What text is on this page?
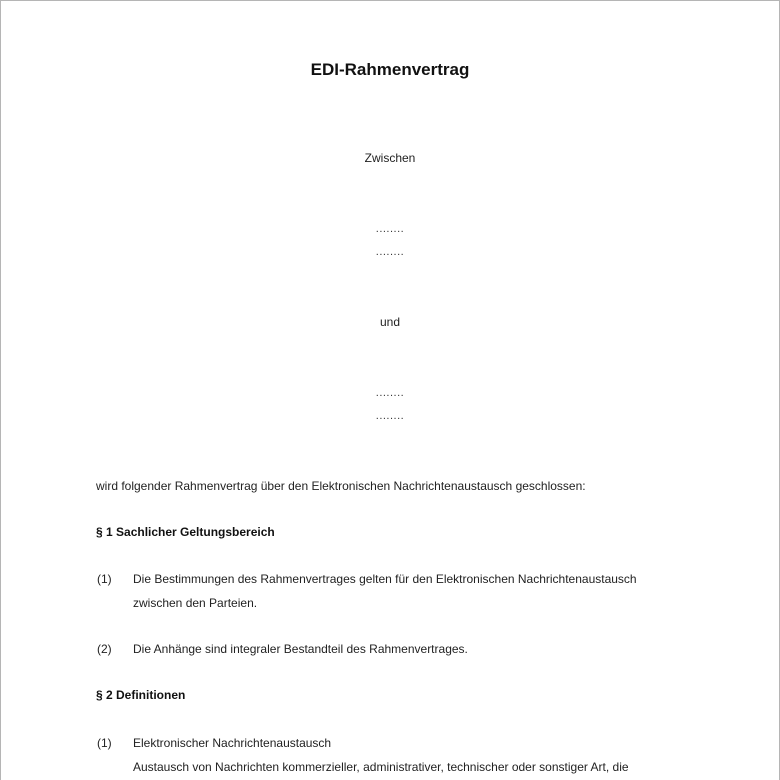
EDI-Rahmenvertrag
Zwischen
........
........
und
........
........
wird folgender Rahmenvertrag über den Elektronischen Nachrichtenaustausch geschlossen:
§ 1 Sachlicher Geltungsbereich
(1) Die Bestimmungen des Rahmenvertrages gelten für den Elektronischen Nachrichtenaustausch
zwischen den Parteien.
(2) Die Anhänge sind integraler Bestandteil des Rahmenvertrages.
§ 2 Definitionen
(1) Elektronischer Nachrichtenaustausch
Austausch von Nachrichten kommerzieller, administrativer, technischer oder sonstiger Art, die
